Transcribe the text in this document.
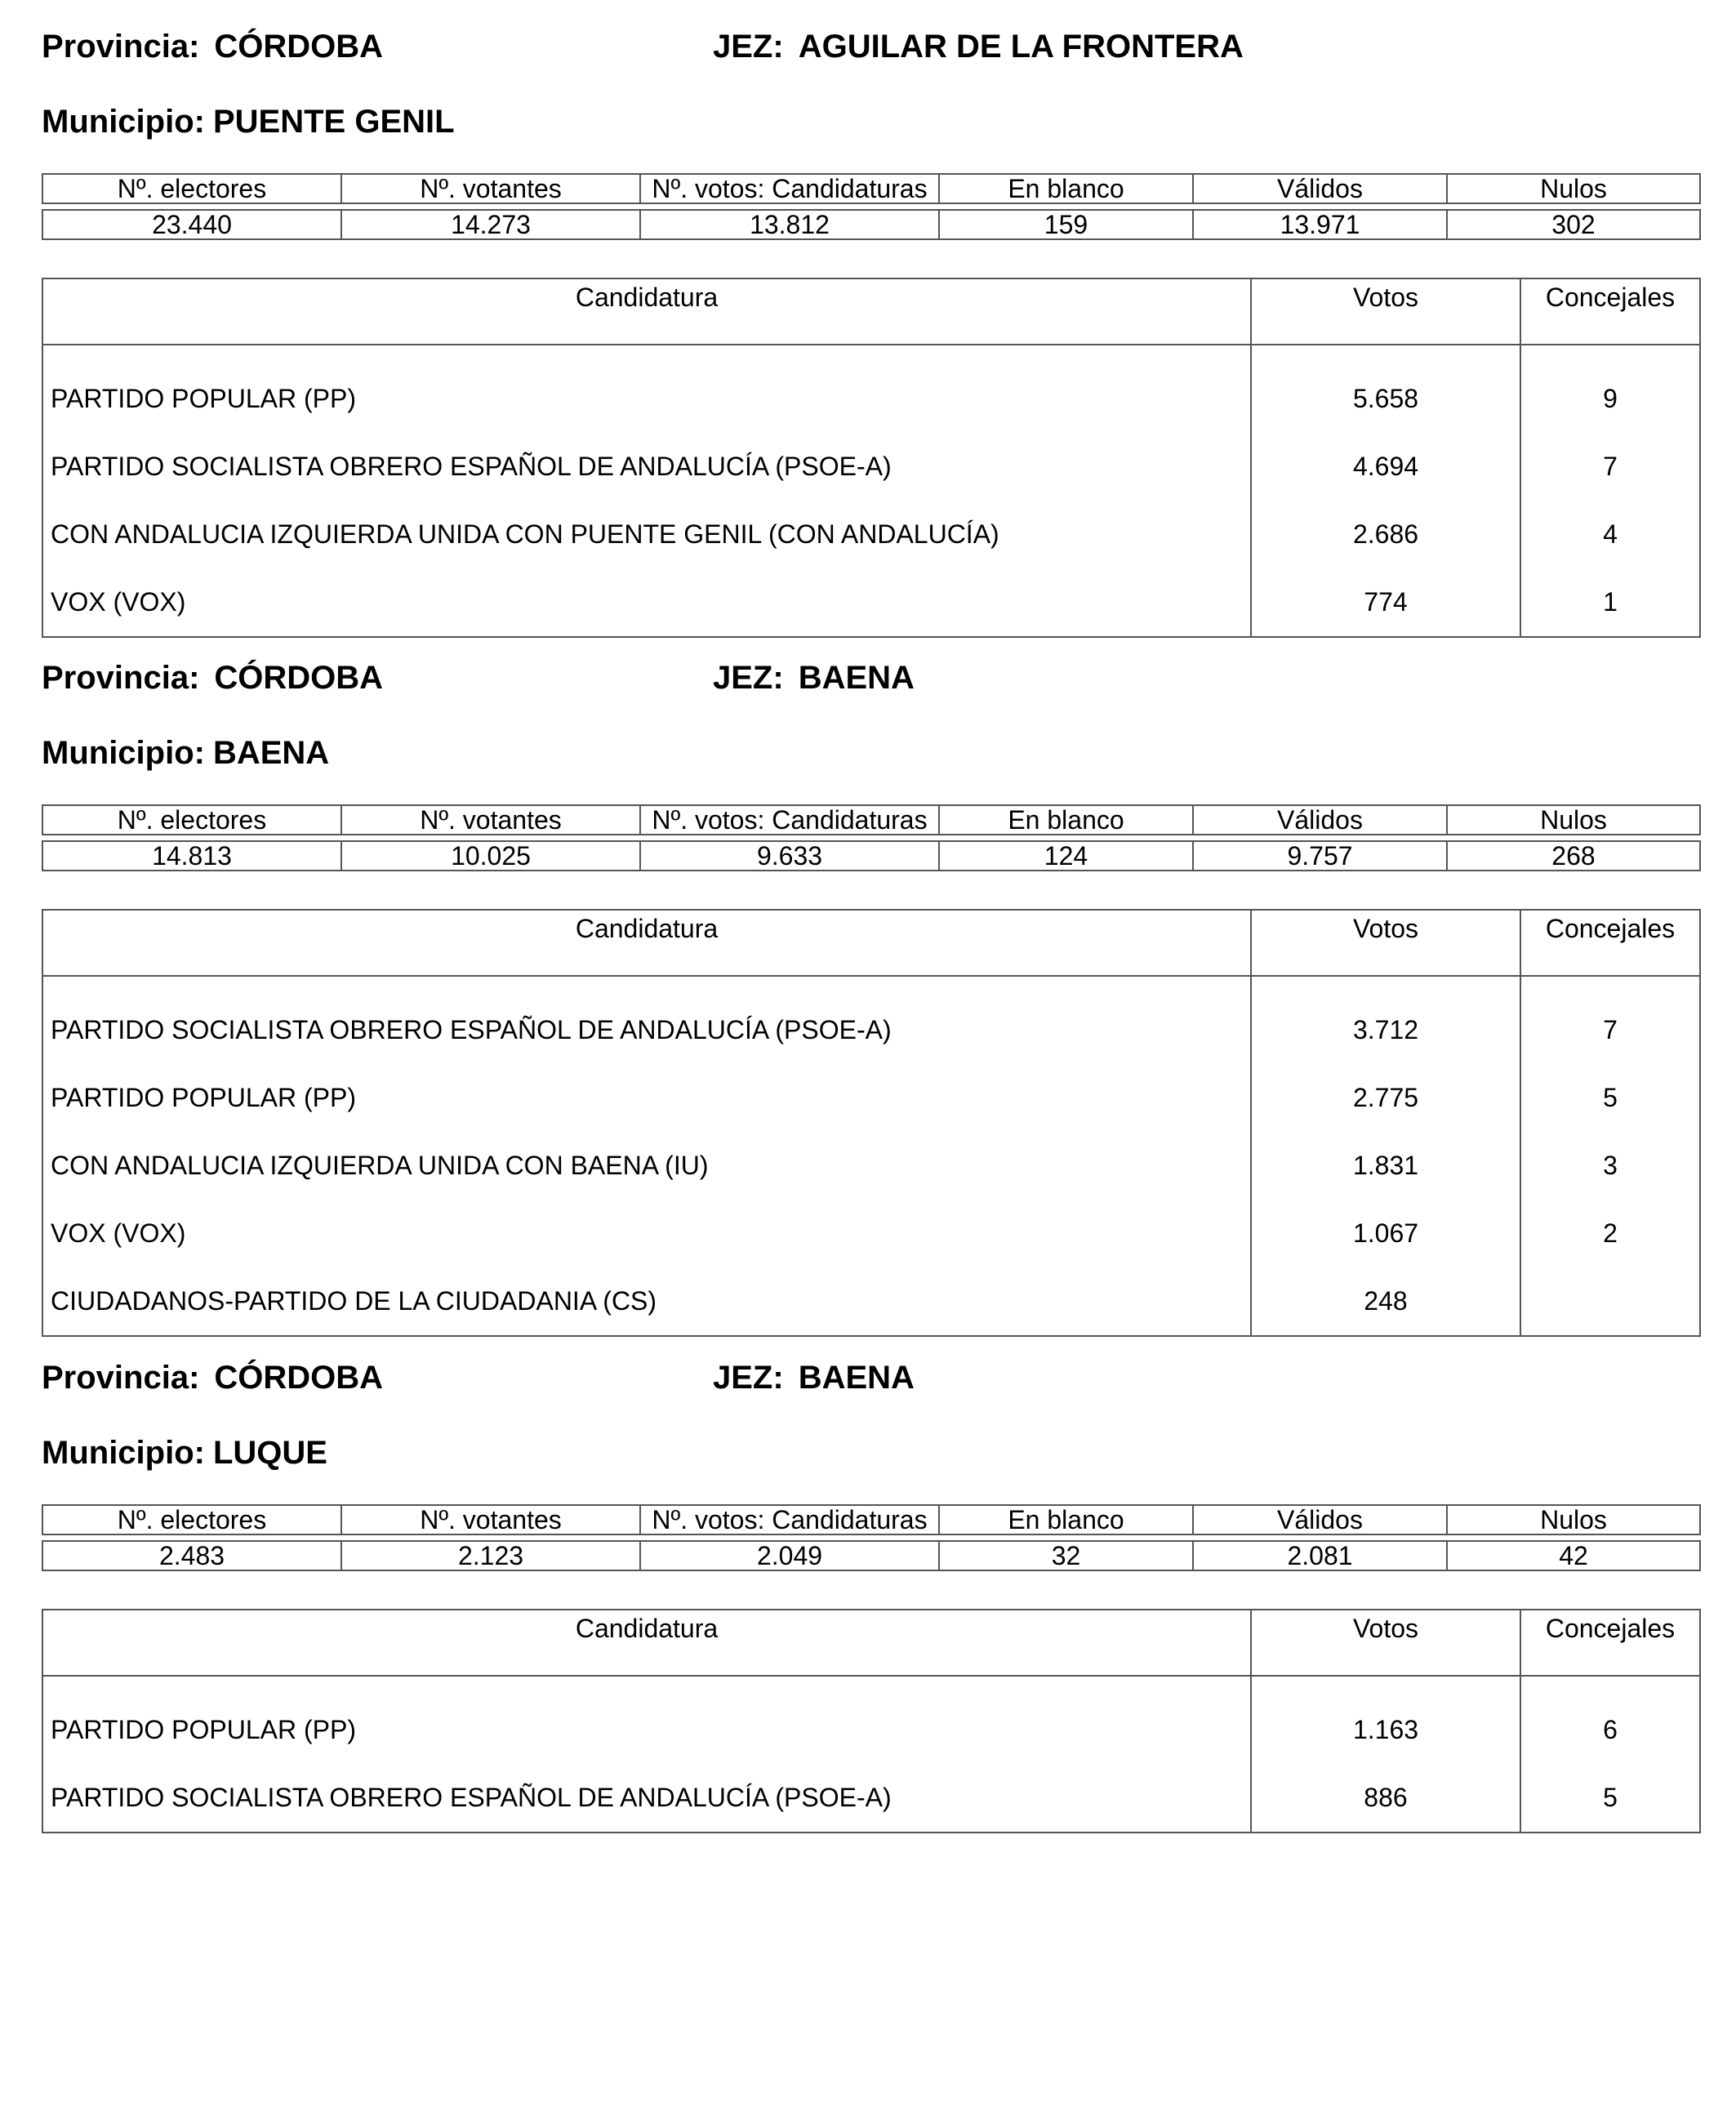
Provincia: CÓRDOBA	JEZ: AGUILAR DE LA FRONTERA
Municipio: PUENTE GENIL
Nº. electores	Nº. votantes	Nº. votos: Candidaturas	En blanco	Válidos	Nulos

23.440	14.273	13.812	159	13.971	302
Candidatura	Votos	Concejales

PARTIDO POPULAR (PP)	5.658	9
PARTIDO SOCIALISTA OBRERO ESPAÑOL DE ANDALUCÍA (PSOE-A)	4.694	7
CON ANDALUCIA IZQUIERDA UNIDA CON PUENTE GENIL (CON ANDALUCÍA)	2.686	4
VOX (VOX)	774	1
Provincia: CÓRDOBA	JEZ: BAENA
Municipio: BAENA
Nº. electores	Nº. votantes	Nº. votos: Candidaturas	En blanco	Válidos	Nulos

14.813	10.025	9.633	124	9.757	268
Candidatura	Votos	Concejales

PARTIDO SOCIALISTA OBRERO ESPAÑOL DE ANDALUCÍA (PSOE-A)	3.712	7
PARTIDO POPULAR (PP)	2.775	5
CON ANDALUCIA IZQUIERDA UNIDA CON BAENA (IU)	1.831	3
VOX (VOX)	1.067	2
CIUDADANOS-PARTIDO DE LA CIUDADANIA (CS)	248	
Provincia: CÓRDOBA	JEZ: BAENA
Municipio: LUQUE
Nº. electores	Nº. votantes	Nº. votos: Candidaturas	En blanco	Válidos	Nulos

2.483	2.123	2.049	32	2.081	42
Candidatura	Votos	Concejales

PARTIDO POPULAR (PP)	1.163	6
PARTIDO SOCIALISTA OBRERO ESPAÑOL DE ANDALUCÍA (PSOE-A)	886	5
